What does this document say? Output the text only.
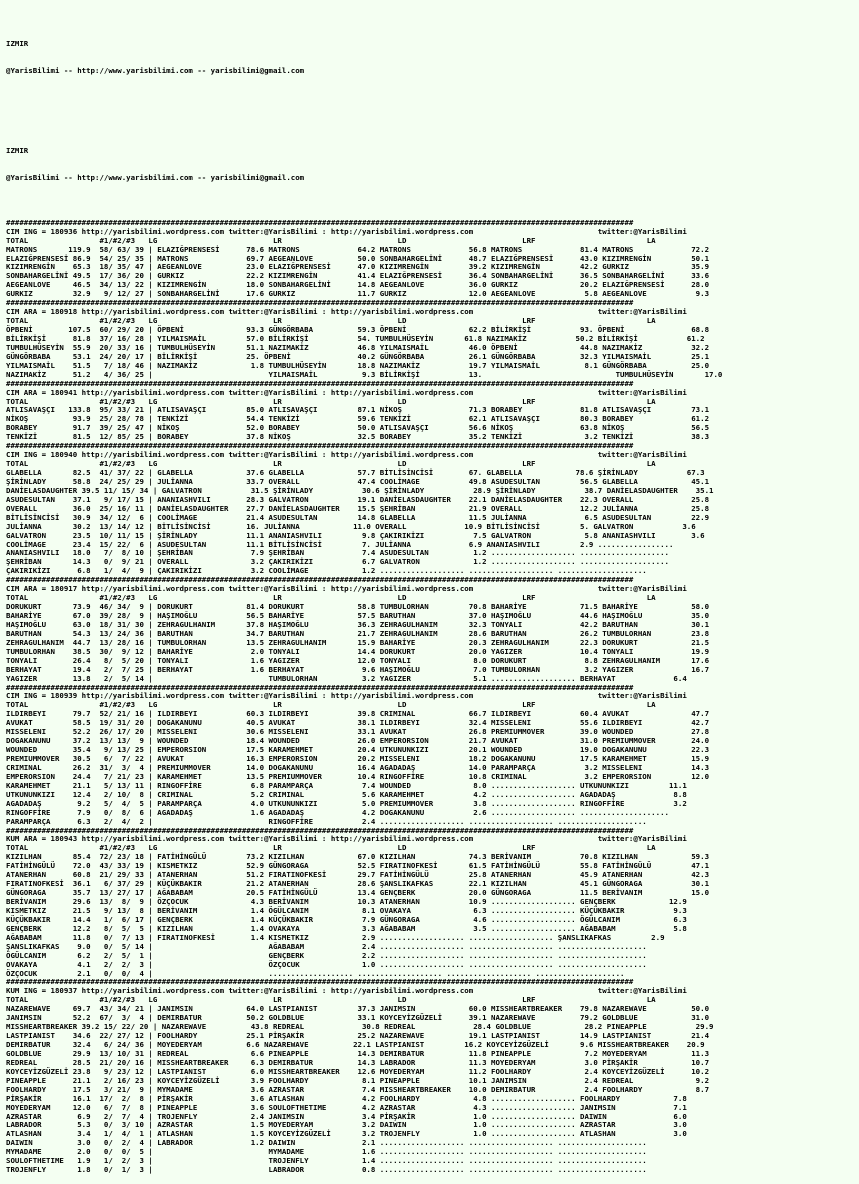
IZMIR

@YarisBilimi -- http://www.yarisbilimi.com -- yarisbilimi@gmail.com

IZMIR

@YarisBilimi -- http://www.yarisbilimi.com -- yarisbilimi@gmail.com

#############################################################################################################################################
CIM ING = 180936 http://yarisbilimi.wordpress.com twitter:@YarisBilimi : http://yarisbilimi.wordpress.com                            twitter:@YarisBilimi
TOTAL                #1/#2/#3   LG                          LR                          LD                          LRF                         LA
MATRONS       119.9  58/ 63/ 39 | ELAZIĞPRENSESİ      78.6 MATRONS             64.2 MATRONS             56.8 MATRONS             81.4 MATRONS             72.2
ELAZIĞPRENSESİ 86.9  54/ 25/ 35 | MATRONS             69.7 AEGEANLOVE          50.0 SONBAHARGELİNİ      48.7 ELAZIĞPRENSESİ      43.0 KIZIMRENGİN         50.1
KIZIMRENGİN    65.3  18/ 35/ 47 | AEGEANLOVE          23.0 ELAZIĞPRENSESİ      47.0 KIZIMRENGİN         39.2 KIZIMRENGİN         42.2 GURKIZ              35.9
SONBAHARGELİNİ 49.5  17/ 36/ 20 | GURKIZ              22.2 KIZIMRENGİN         41.4 ELAZIĞPRENSESİ      36.4 SONBAHARGELİNİ      36.5 SONBAHARGELİNİ      33.6
AEGEANLOVE     46.5  34/ 13/ 22 | KIZIMRENGİN         18.0 SONBAHARGELİNİ      14.8 AEGEANLOVE          36.0 GURKIZ              20.2 ELAZIĞPRENSESİ      28.0
GURKIZ         32.9   9/ 12/ 27 | SONBAHARGELİNİ      17.6 GURKIZ              11.7 GURKIZ              12.0 AEGEANLOVE           5.8 AEGEANLOVE           9.3
#############################################################################################################################################
CIM ARA = 180918 http://yarisbilimi.wordpress.com twitter:@YarisBilimi : http://yarisbilimi.wordpress.com                            twitter:@YarisBilimi
TOTAL                #1/#2/#3   LG                          LR                          LD                          LRF                         LA
ÖPBENİ        107.5  60/ 29/ 20 | ÖPBENİ              93.3 GÜNGÖRBABA          59.3 ÖPBENİ              62.2 BİLİRKİŞİ           93. ÖPBENİ               68.8
BİLİRKİŞİ      81.8  37/ 16/ 28 | YILMAISMAİL         57.0 BİLİRKİŞİ           54. TUMBULHÜSEYİN       61.8 NAZIMAKİZ           50.2 BİLİRKİŞİ           61.2
TUMBULHÜSEYİN  55.9  20/ 33/ 16 | TUMBULHÜSEYİN       51.1 NAZIMAKİZ           46.8 YILMAISMAİL         46.0 ÖPBENİ              44.8 NAZIMAKİZ           32.2
GÜNGÖRBABA     53.1  24/ 20/ 17 | BİLİRKİŞİ           25. ÖPBENİ               40.2 GÜNGÖRBABA          26.1 GÜNGÖRBABA          32.3 YILMAISMAİL         25.1
YILMAISMAİL    51.5   7/ 18/ 46 | NAZIMAKİZ            1.8 TUMBULHÜSEYİN       18.8 NAZIMAKİZ           19.7 YILMAISMAİL          8.1 GÜNGÖRBABA          25.0
NAZIMAKİZ      51.2   4/ 36/ 25 |                          YILMAISMAİL          9.3 BİLİRKİŞİ           13.                              TUMBULHÜSEYİN       17.0
#############################################################################################################################################
CIM ARA = 180941 http://yarisbilimi.wordpress.com twitter:@YarisBilimi : http://yarisbilimi.wordpress.com                            twitter:@YarisBilimi
TOTAL                #1/#2/#3   LG                          LR                          LD                          LRF                         LA
ATLISAVAŞÇI   133.8  95/ 33/ 21 | ATLISAVAŞÇI         85.0 ATLISAVAŞÇI         87.1 NİKOŞ               71.3 BORABEY             81.8 ATLISAVAŞÇI         73.1
NİKOŞ          93.9  25/ 28/ 78 | TENKİZİ             54.4 TENKİZİ             59.6 TENKİZİ             62.1 ATLISAVAŞÇI         80.3 BORABEY             61.2
BORABEY        91.7  39/ 25/ 47 | NİKOŞ               52.0 BORABEY             50.0 ATLISAVAŞÇI         56.6 NİKOŞ               63.8 NİKOŞ               56.5
TENKİZİ        81.5  12/ 85/ 25 | BORABEY             37.8 NİKOŞ               32.5 BORABEY             35.2 TENKİZİ              3.2 TENKİZİ             38.3
#############################################################################################################################################
CIM ING = 180940 http://yarisbilimi.wordpress.com twitter:@YarisBilimi : http://yarisbilimi.wordpress.com                            twitter:@YarisBilimi
TOTAL                #1/#2/#3   LG                          LR                          LD                          LRF                         LA
GLABELLA       82.5  41/ 37/ 22 | GLABELLA            37.6 GLABELLA            57.7 BİTLİSİNCİSİ        67. GLABELLA            78.6 ŞİRİNLADY           67.3
ŞİRİNLADY      58.8  24/ 25/ 29 | JULİANNA            33.7 OVERALL             47.4 COOLİMAGE           49.8 ASUDESULTAN         56.5 GLABELLA            45.1
DANİELASDAUGHTER 39.5 11/ 15/ 34 | GALVATRON           31.5 ŞİRİNLADY           30.6 ŞİRİNLADY           28.9 ŞİRİNLADY           38.7 DANİELASDAUGHTER    35.1
ASUDESULTAN    37.1   9/ 17/ 15 | ANANIASHVILI        28.3 GALVATRON           19.1 DANİELASDAUGHTER    22.1 DANİELASDAUGHTER    22.3 OVERALL             25.8
OVERALL        36.0  25/ 16/ 11 | DANİELASDAUGHTER    27.7 DANİELASDAUGHTER    15.5 ŞEHRİBAN            21.9 OVERALL             12.2 JULİANNA            25.8
BİTLİSİNCİSİ   30.9  34/ 12/  6 | COOLİMAGE           21.4 ASUDESULTAN         14.8 GLABELLA            11.5 JULİANNA             6.5 ASUDESULTAN         22.9
JULİANNA       30.2  13/ 14/ 12 | BİTLİSİNCİSİ        16. JULİANNA            11.0 OVERALL             10.9 BİTLİSİNCİSİ         5. GALVATRON           3.6
GALVATRON      23.5  10/ 11/ 15 | ŞİRİNLADY           11.1 ANANIASHVILI         9.8 ÇAKIRIKİZI           7.5 GALVATRON            5.8 ANANIASHVILI        3.6
COOLİMAGE      23.4  15/ 22/  6 | ASUDESULTAN         11.1 BİTLİSİNCİSİ         7. JULİANNA             6.9 ANANIASHVILI         2.9 .................
ANANIASHVILI   18.0   7/  8/ 10 | ŞEHRİBAN             7.9 ŞEHRİBAN             7.4 ASUDESULTAN          1.2 ................... ....................
ŞEHRİBAN       14.3   0/  9/ 21 | OVERALL              3.2 ÇAKIRIKİZI           6.7 GALVATRON            1.2 ................... ....................
ÇAKIRIKİZI      6.8   1/  4/  9 | ÇAKIRIKİZI           3.2 COOLİMAGE            1.2 ................... ................... ....................
#############################################################################################################################################
CIM ARA = 180917 http://yarisbilimi.wordpress.com twitter:@YarisBilimi : http://yarisbilimi.wordpress.com                            twitter:@YarisBilimi
TOTAL                #1/#2/#3   LG                          LR                          LD                          LRF                         LA
DORUKURT       73.9  46/ 34/  9 | DORUKURT            81.4 DORUKURT            58.8 TUMBULORHAN         70.8 BAHARİYE            71.5 BAHARİYE            58.0
BAHARİYE       67.0  39/ 28/  9 | HAŞIMOĞLU           56.5 BAHARİYE            57.5 BARUTHAN            37.0 HAŞIMOĞLU           44.6 HAŞIMOĞLU           35.0
HAŞIMOĞLU      63.0  18/ 31/ 30 | ZEHRAGULHANIM       37.8 HAŞIMOĞLU           36.3 ZEHRAGULHANIM       32.3 TONYALI             42.2 BARUTHAN            30.1
BARUTHAN       54.3  13/ 24/ 36 | BARUTHAN            34.7 BARUTHAN            21.7 ZEHRAGULHANIM       28.6 BARUTHAN            26.2 TUMBULORHAN         23.8
ZEHRAGULHANIM  44.7  13/ 28/ 16 | TUMBULORHAN         13.5 ZEHRAGULHANIM       15.9 BAHARİYE            20.3 ZEHRAGULHANIM       22.3 DORUKURT            21.5
TUMBULORHAN    38.5  30/  9/ 12 | BAHARİYE             2.0 TONYALI             14.4 DORUKURT            20.0 YAGIZER             10.4 TONYALI             19.9
TONYALI        26.4   8/  5/ 20 | TONYALI              1.6 YAGIZER             12.0 TONYALI              8.0 DORUKURT             8.8 ZEHRAGULHANIM       17.6
BERHAYAT       19.4   2/  7/ 25 | BERHAYAT             1.6 BERHAYAT             9.6 HAŞIMOĞLU            7.0 TUMBULORHAN          3.2 YAGIZER             16.7
YAGIZER        13.8   2/  5/ 14 |                          TUMBULORHAN          3.2 YAGIZER              5.1 ................... BERHAYAT             6.4
#############################################################################################################################################
CIM ING = 180939 http://yarisbilimi.wordpress.com twitter:@YarisBilimi : http://yarisbilimi.wordpress.com                            twitter:@YarisBilimi
TOTAL                #1/#2/#3   LG                          LR                          LD                          LRF                         LA
ILDIRBEYI      79.7  52/ 21/ 16 | ILDIRBEYI           60.3 ILDIRBEYI           39.8 CRIMINAL            66.7 ILDIRBEYI           60.4 AVUKAT              47.7
AVUKAT         58.5  19/ 31/ 20 | DOGAKANUNU          40.5 AVUKAT              38.1 ILDIRBEYI           32.4 MISSELENI           55.6 ILDIRBEYI           42.7
MISSELENI      52.2  26/ 17/ 20 | MISSELENI           30.6 MISSELENI           33.1 AVUKAT              26.8 PREMIUMMOVER        39.0 WOUNDED             27.8
DOGAKANUNU     37.2  13/ 13/  9 | WOUNDED             18.4 WOUNDED             26.0 EMPERORSION         21.7 AVUKAT              31.0 PREMIUMMOVER        24.0
WOUNDED        35.4   9/ 13/ 25 | EMPERORSION         17.5 KARAMEHMET          20.4 UTKUNUNKIZI         20.1 WOUNDED             19.0 DOGAKANUNU          22.3
PREMIUMMOVER   30.5   6/  7/ 22 | AVUKAT              16.3 EMPERORSION         20.2 MISSELENI           18.2 DOGAKANUNU          17.5 KARAMEHMET          15.9
CRIMINAL       26.2  31/  3/  4 | PREMIUMMOVER        14.0 DOGAKANUNU          16.4 AGADADAŞ            14.0 PARAMPARÇA           3.2 MISSELENI           14.3
EMPERORSION    24.4   7/ 21/ 23 | KARAMEHMET          13.5 PREMIUMMOVER        10.4 RINGOFFİRE          10.8 CRIMINAL             3.2 EMPERORSION         12.0
KARAMEHMET     21.1   5/ 13/ 11 | RINGOFFİRE           6.8 PARAMPARÇA           7.4 WOUNDED              8.0 ................... UTKUNUNKIZI         11.1
UTKUNUNKIZI    12.4   2/ 10/  8 | CRIMINAL             5.2 CRIMINAL             5.6 KARAMEHMET           4.2 ................... AGADADAŞ             8.8
AGADADAŞ        9.2   5/  4/  5 | PARAMPARÇA           4.0 UTKUNUNKIZI          5.0 PREMIUMMOVER         3.8 ................... RINGOFFİRE           3.2
RINGOFFİRE      7.9   0/  8/  6 | AGADADAŞ             1.6 AGADADAŞ             4.2 DOGAKANUNU           2.6 ................... ....................
PARAMPARÇA      6.3   2/  4/  2 |                          RINGOFFİRE           2.4 ................... ................... ....................
#############################################################################################################################################
KUM ARA = 180943 http://yarisbilimi.wordpress.com twitter:@YarisBilimi : http://yarisbilimi.wordpress.com                            twitter:@YarisBilimi
TOTAL                #1/#2/#3   LG                          LR                          LD                          LRF                         LA
KIZILHAN       85.4  72/ 23/ 18 | FATİHİNGÜLÜ         73.2 KIZILHAN            67.0 KIZILHAN            74.3 BERİVANIM           70.8 KIZILHAN            59.3
FATİHİNGÜLÜ    72.0  43/ 33/ 19 | KISMETKIZ           52.9 GÜNGORAGA           52.5 FIRATINOFKESİ       61.5 FATİHİNGÜLÜ         55.8 FATİHİNGÜLÜ         47.1
ATANERHAN      60.8  21/ 29/ 33 | ATANERHAN           51.2 FIRATINOFKESİ       29.7 FATİHİNGÜLÜ         25.8 ATANERHAN           45.9 ATANERHAN           42.3
FIRATINOFKESİ  36.1   6/ 37/ 29 | KÜÇÜKBAKIR          21.2 ATANERHAN           28.6 ŞANSLIKAFKAS        22.1 KIZILHAN            45.1 GÜNGORAGA           30.1
GÜNGORAGA      35.7  13/ 27/ 17 | AĞABABAM            20.5 FATİHİNGÜLÜ         13.4 GENÇBERK            20.0 GÜNGORAGA           11.5 BERİVANIM           15.0
BERİVANIM      29.6  13/  8/  9 | ÖZÇOCUK              4.3 BERİVANIM           10.3 ATANERHAN           10.9 ................... GENÇBERK            12.9
KISMETKIZ      21.5   9/ 13/  8 | BERİVANIM            1.4 ÖGÜLCANIM            8.1 OVAKAYA              6.3 ................... KÜÇÜKBAKIR           9.3
KÜÇÜKBAKIR     14.4   1/  6/ 17 | GENÇBERK             1.4 KÜÇÜKBAKIR           7.9 GÜNGORAGA            4.6 ................... ÖGÜLCANIM            6.3
GENÇBERK       12.2   8/  5/  5 | KIZILHAN             1.4 OVAKAYA              3.3 AĞABABAM             3.5 ................... AĞABABAM             5.8
AĞABABAM       11.8   0/  7/ 13 | FIRATINOFKESİ        1.4 KISMETKIZ            2.9 ................... ................... ŞANSLIKAFKAS         2.9
ŞANSLIKAFKAS    9.0   0/  5/ 14 |                          AĞABABAM             2.4 ................... ................... ....................
ÖGÜLCANIM       6.2   2/  5/  1 |                          GENÇBERK             2.2 ................... ................... ....................
OVAKAYA         4.1   2/  2/  3 |                          ÖZÇOCUK              1.0 ................... ................... ....................
ÖZÇOCUK         2.1   0/  0/  4 |                          ................... ................... ................... ....................
#############################################################################################################################################
KUM ING = 180937 http://yarisbilimi.wordpress.com twitter:@YarisBilimi : http://yarisbilimi.wordpress.com                            twitter:@YarisBilimi
TOTAL                #1/#2/#3   LG                          LR                          LD                          LRF                         LA
NAZAREWAVE     69.7  43/ 34/ 21 | JANIMSIN            64.0 LASTPIANIST         37.3 JANIMSIN            60.0 MISSHEARTBREAKER    79.8 NAZAREWAVE          50.0
JANIMSIN       52.2  67/  3/  4 | DEMIRBATUR          50.2 GOLDBLUE            33.1 KOYCEYİZGÜZELİ      39.1 NAZAREWAVE          79.2 GOLDBLUE            31.0
MISSHEARTBREAKER 39.2 15/ 22/ 20 | NAZAREWAVE          43.8 REDREAL             30.8 REDREAL             28.4 GOLDBLUE            28.2 PINEAPPLE           29.9
LASTPIANIST    34.6  22/ 27/ 12 | FOOLHARDY           25.1 PİRŞAKİR            25.2 NAZAREWAVE          19.1 LASTPIANIST         14.9 LASTPIANIST         21.4
DEMIRBATUR     32.4   6/ 24/ 36 | MOYEDERYAM          6.6 NAZAREWAVE          22.1 LASTPIANIST         16.2 KOYCEYİZGÜZELİ       9.6 MISSHEARTBREAKER    20.9
GOLDBLUE       29.9  13/ 10/ 31 | REDREAL              6.6 PINEAPPLE           14.3 DEMIRBATUR          11.8 PINEAPPLE            7.2 MOYEDERYAM          11.3
REDREAL        28.5  21/ 20/ 16 | MISSHEARTBREAKER     6.3 DEMIRBATUR          14.3 LABRADOR            11.3 MOYEDERYAM           3.0 PİRŞAKİR            10.7
KOYCEYİZGÜZELİ 23.8   9/ 23/ 12 | LASTPIANIST          6.0 MISSHEARTBREAKER    12.6 MOYEDERYAM          11.2 FOOLHARDY            2.4 KOYCEYİZGÜZELİ      10.2
PINEAPPLE      21.1   2/ 16/ 23 | KOYCEYİZGÜZELİ       3.9 FOOLHARDY            8.1 PINEAPPLE           10.1 JANIMSIN             2.4 REDREAL              9.2
FOOLHARDY      17.5   3/ 21/  9 | MYMADAME             3.6 AZRASTAR             7.4 MISSHEARTBREAKER    10.0 DEMIRBATUR           2.4 FOOLHARDY            8.7
PİRŞAKİR       16.1  17/  2/  8 | PİRŞAKİR             3.6 ATLASHAN             4.2 FOOLHARDY            4.8 ................... FOOLHARDY            7.8
MOYEDERYAM     12.0   6/  7/  8 | PINEAPPLE            3.6 SOULOFTHETIME        4.2 AZRASTAR             4.3 ................... JANIMSIN             7.1
AZRASTAR        6.9   2/  7/  4 | TROJENFLY            2.4 JANIMSIN             3.4 PİRŞAKİR             1.0 ................... DAIWIN               6.0
LABRADOR        5.3   0/  3/ 10 | AZRASTAR             1.5 MOYEDERYAM           3.2 DAIWIN               1.0 ................... AZRASTAR             3.0
ATLASHAN        3.4   1/  4/  1 | ATLASHAN             1.5 KOYCEYİZGÜZELİ       3.2 TROJENFLY            1.0 ................... ATLASHAN             3.0
DAIWIN          3.0   0/  2/  4 | LABRADOR             1.2 DAIWIN               2.1 ................... ................... ....................
MYMADAME        2.0   0/  0/  5 |                          MYMADAME             1.6 ................... ................... ....................
SOULOFTHETIME   1.9   1/  2/  3 |                          TROJENFLY            1.4 ................... ................... ....................
TROJENFLY       1.8   0/  1/  3 |                          LABRADOR             0.8 ................... ................... ....................
